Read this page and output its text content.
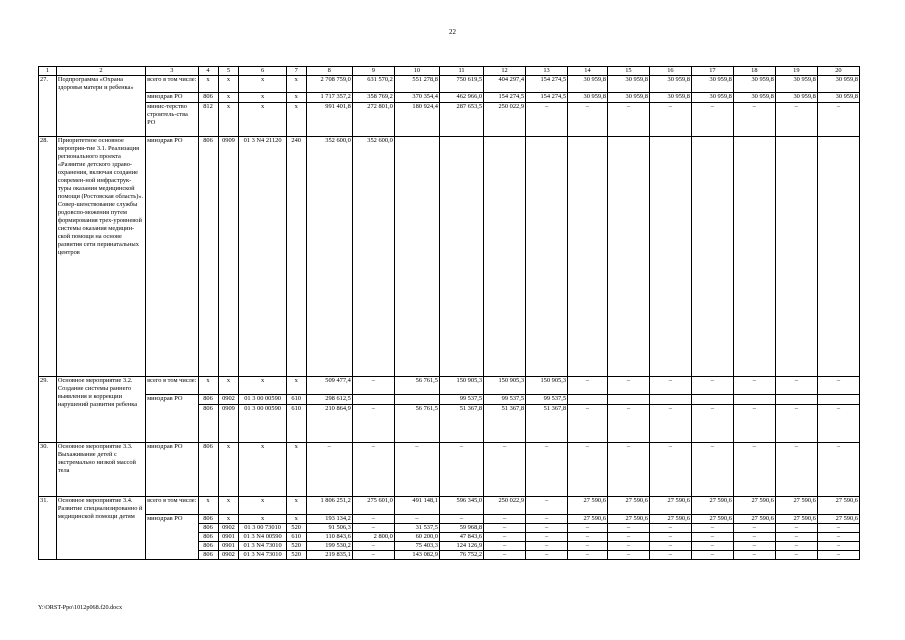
22
1	2	3	4	5	6	7	8	9	10	11	12	13	14	15	16	17	18	19	20
27.	Подпрограмма «Охрана здоровья матери и ребенка»	всего в том числе:	x	x	x	x	2 708 759,0	631 570,2	551 278,8	750 619,5	404 297,4	154 274,5	30 959,8	30 959,8	30 959,8	30 959,8	30 959,8	30 959,8	30 959,8
		минздрав РО	806	x	x	x	1 717 357,2	358 769,2	370 354,4	462 966,0	154 274,5	154 274,5	30 959,8	30 959,8	30 959,8	30 959,8	30 959,8	30 959,8	30 959,8
		минис-терство строитель-ства РО	812	x	x	x	991 401,8	272 801,0	180 924,4	287 653,5	250 022,9	–	–	–	–	–	–	–	–
28.	Приоритетное основное мероприя-тие 3.1. Реализация регионального проекта «Развитие детского здраво-охранения, включая создание современ-ной инфраструк-туры оказания медицинской помощи (Ростовская область)». Совер-шенствование службы родовспо-можения путем формирования трех-уровневой системы оказания медицин-ской помощи на основе развития сети перинатальных центров	минздрав РО	806	0909	01 3 N4 21120	240	352 600,0	352 600,0											
29.	Основное мероприятие 3.2. Создание системы раннего выявления и коррекции нарушений развития ребенка	всего в том числе:	x	x	x	x	509 477,4	–	56 761,5	150 905,3	150 905,3	150 905,3	–	–	–	–	–	–	–
		минздрав РО	806	0902	01 3 00 00590	610	298 612,5			99 537,5	99 537,5	99 537,5							
			806	0909	01 3 00 00590	610	210 864,9	–	56 761,5	51 367,8	51 367,8	51 367,8	–	–	–	–	–	–	–
30.	Основное мероприятие 3.3. Выхаживание детей с экстремально низкой массой тела	минздрав РО	806	x	x	x	–	–	–	–	–	–	–	–	–	–	–	–	–
31.	Основное мероприятие 3.4. Развитие специализированно й медицинской помощи детям	всего в том числе:	x	x	x	x	1 806 251,2	275 601,0	491 148,1	596 345,0	250 022,9	–	27 590,6	27 590,6	27 590,6	27 590,6	27 590,6	27 590,6	27 590,6
		минздрав РО	806	x	x	x	193 134,2	–	–	–	–	–	27 590,6	27 590,6	27 590,6	27 590,6	27 590,6	27 590,6	27 590,6
			806	0902	01 3 00 73010	520	91 506,3	–	31 537,5	59 968,8	–	–	–	–	–	–	–	–	–
			806	0901	01 3 N4 00590	610	110 843,6	2 800,0	60 200,0	47 843,6	–	–	–	–	–	–	–	–	–
			806	0901	01 3 N4 73010	520	199 530,2	–	75 403,3	124 126,9	–	–	–	–	–	–	–	–	–
			806	0902	01 3 N4 73010	520	219 835,1	–	143 082,9	76 752,2	–	–	–	–	–	–	–	–	–
Y:\ORST-Ppo\1012p068.f20.docx
